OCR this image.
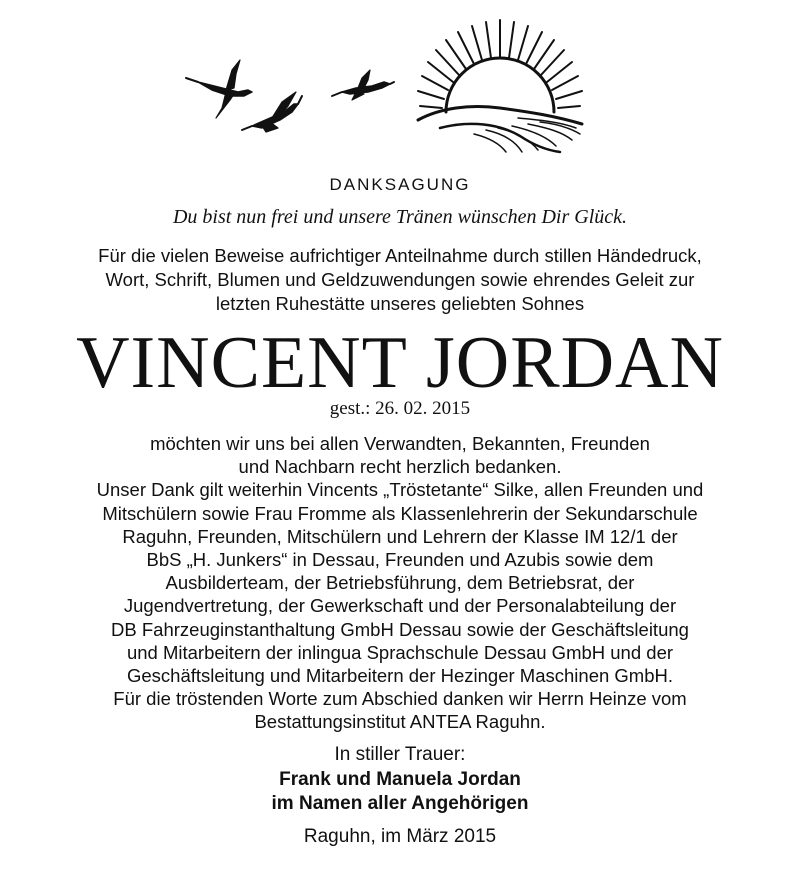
DANKSAGUNG
Du bist nun frei und unsere Tränen wünschen Dir Glück.
Für die vielen Beweise aufrichtiger Anteilnahme durch stillen Händedruck,
Wort, Schrift, Blumen und Geldzuwendungen sowie ehrendes Geleit zur
letzten Ruhestätte unseres geliebten Sohnes
VINCENT JORDAN
gest.: 26. 02. 2015
möchten wir uns bei allen Verwandten, Bekannten, Freunden
und Nachbarn recht herzlich bedanken.
Unser Dank gilt weiterhin Vincents „Tröstetante“ Silke, allen Freunden und
Mitschülern sowie Frau Fromme als Klassenlehrerin der Sekundarschule
Raguhn, Freunden, Mitschülern und Lehrern der Klasse IM 12/1 der
BbS „H. Junkers“ in Dessau, Freunden und Azubis sowie dem
Ausbilderteam, der Betriebsführung, dem Betriebsrat, der
Jugendvertretung, der Gewerkschaft und der Personalabteilung der
DB Fahrzeuginstanthaltung GmbH Dessau sowie der Geschäftsleitung
und Mitarbeitern der inlingua Sprachschule Dessau GmbH und der
Geschäftsleitung und Mitarbeitern der Hezinger Maschinen GmbH.
Für die tröstenden Worte zum Abschied danken wir Herrn Heinze vom
Bestattungsinstitut ANTEA Raguhn.
In stiller Trauer:
Frank und Manuela Jordan
im Namen aller Angehörigen
Raguhn, im März 2015
